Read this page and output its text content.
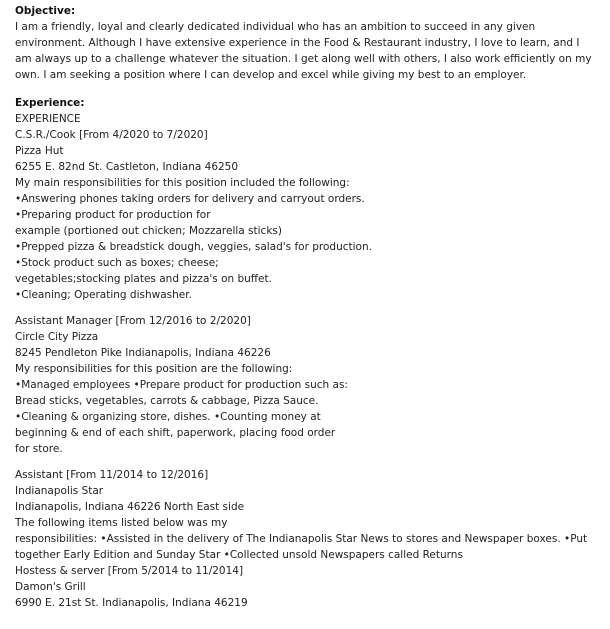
Objective:
I am a friendly, loyal and clearly dedicated individual who has an ambition to succeed in any given
environment. Although I have extensive experience in the Food & Restaurant industry, I love to learn, and I
am always up to a challenge whatever the situation. I get along well with others, I also work efficiently on my
own. I am seeking a position where I can develop and excel while giving my best to an employer.
Experience:
EXPERIENCE
C.S.R./Cook [From 4/2020 to 7/2020]
Pizza Hut
6255 E. 82nd St. Castleton, Indiana 46250
My main responsibilities for this position included the following:
•Answering phones taking orders for delivery and carryout orders.
•Preparing product for production for
example (portioned out chicken; Mozzarella sticks)
•Prepped pizza & breadstick dough, veggies, salad's for production.
•Stock product such as boxes; cheese;
vegetables;stocking plates and pizza's on buffet.
•Cleaning; Operating dishwasher.
Assistant Manager [From 12/2016 to 2/2020]
Circle City Pizza
8245 Pendleton Pike Indianapolis, Indiana 46226
My responsibilities for this position are the following:
•Managed employees •Prepare product for production such as:
Bread sticks, vegetables, carrots & cabbage, Pizza Sauce.
•Cleaning & organizing store, dishes. •Counting money at
beginning & end of each shift, paperwork, placing food order
for store.
Assistant [From 11/2014 to 12/2016]
Indianapolis Star
Indianapolis, Indiana 46226 North East side
The following items listed below was my
responsibilities: •Assisted in the delivery of The Indianapolis Star News to stores and Newspaper boxes. •Put
together Early Edition and Sunday Star •Collected unsold Newspapers called Returns
Hostess & server [From 5/2014 to 11/2014]
Damon's Grill
6990 E. 21st St. Indianapolis, Indiana 46219
